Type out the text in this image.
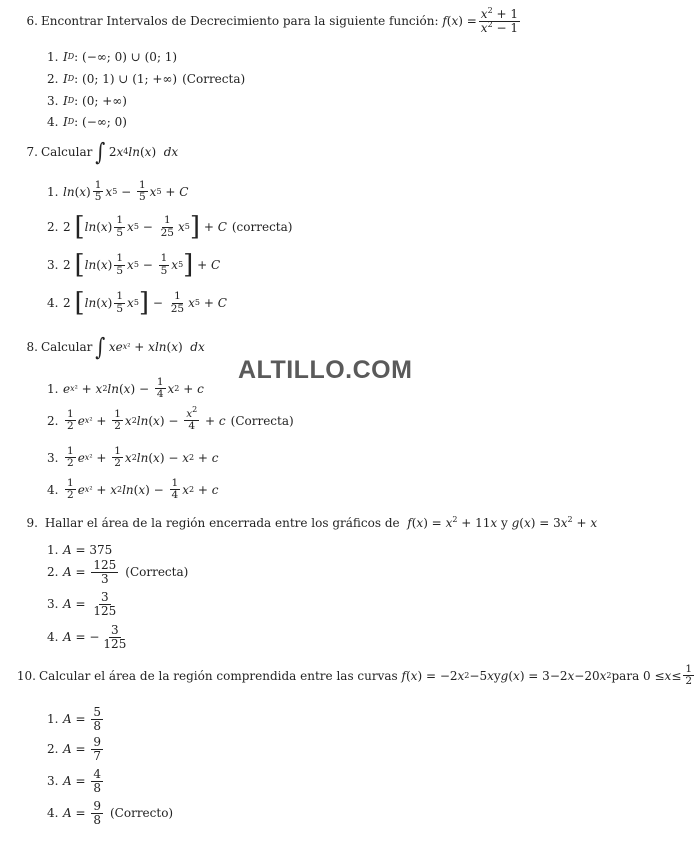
6. Encontrar Intervalos de Decrecimiento para la siguiente función:
f ( x ) = $\frac{x^2 + 1}{x^2 - 1}$
1. I D : (−∞; 0) ∪ (0; 1)
2. I D : (0; 1) ∪ (1; +∞) (Correcta)
3. I D : (0; +∞)
4. I D : (−∞; 0)
7. Calcular ∫ 2 x 4 ln ( x ) dx
1. ln ( x ) $\frac{1}{5}$ x $5 - \frac{1}{5}$ x 5 + C
2. 2 [ ln ( x ) $\frac{1}{5}$ x $5 - \frac{1}{25}$ x 5 ] + C (correcta)
3. 2 [ ln ( x ) $\frac{1}{5}$ x $5 - \frac{1}{5}$ x 5 ] + C
4. 2 [ ln ( x ) $\frac{1}{5}$ x 5 ] − $\frac{1}{25}$ x 5 + C
8. Calcular ∫ xe x² + xln ( x ) dx
1. e x² + x 2 ln ( x ) − $\frac{1}{4}$ x 2 + c
2. $\frac{1}{2}$ e $x^2 + \frac{1}{2}$ x 2 ln ( x ) − $\frac{x^2}{4} + c$ (Correcta)
3. $\frac{1}{2}$ e $x^2 + \frac{1}{2}$ x 2 ln ( x ) − x 2 + c
4. $\frac{1}{2}$ e x² + x 2 ln ( x ) − $\frac{1}{4}$ x 2 + c
9. Hallar el área de la región encerrada entre los gráficos de $f(x) = x^2 + 11x$ y $g(x) = 3x^2 + x$
1. A = 375
2. $A = \frac{125}{3}$ (Correcta)
3. $A = \frac{3}{125}$
4. A = − $\frac{3}{125}$
10. Calcular el área de la región comprendida entre las curvas
f ( x ) = −2 x 2 −5 x y g ( x ) = 3−2 x −20 x 2 para $0 \le x \le \frac{1}{2}$
1. $A = \frac{5}{8}$
2. $A = \frac{9}{7}$
3. $A = \frac{4}{8}$
4. $A = \frac{9}{8}$ (Correcto)
ALTILLO.COM
